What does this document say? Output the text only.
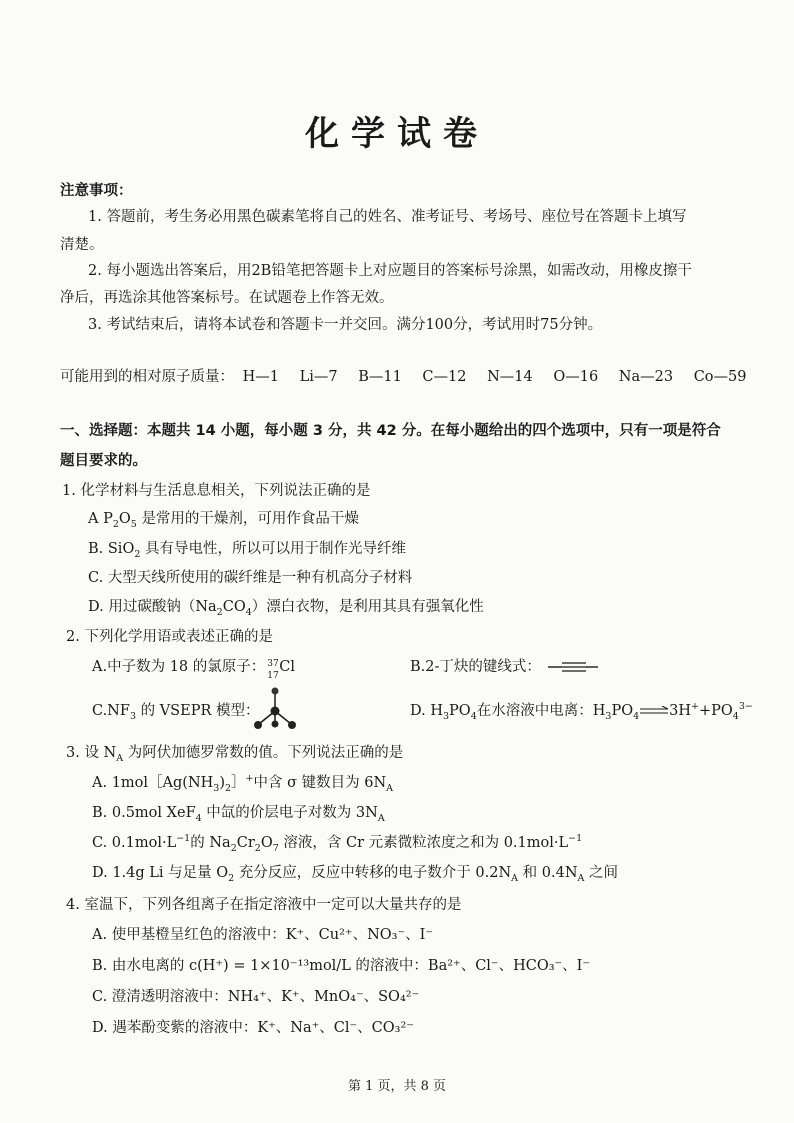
化学试卷
注意事项：
1. 答题前，考生务必用黑色碳素笔将自己的姓名、准考证号、考场号、座位号在答题卡上填写
清楚。
2. 每小题选出答案后，用2B铅笔把答题卡上对应题目的答案标号涂黑，如需改动，用橡皮擦干
净后，再选涂其他答案标号。在试题卷上作答无效。
3. 考试结束后，请将本试卷和答题卡一并交回。满分100分，考试用时75分钟。
可能用到的相对原子质量： H—1 Li—7 B—11 C—12 N—14 O—16 Na—23 Co—59
一、选择题：本题共 14 小题，每小题 3 分，共 42 分。在每小题给出的四个选项中，只有一项是符合
题目要求的。
1. 化学材料与生活息息相关，下列说法正确的是
A $P_2O_5$ 是常用的干燥剂，可用作食品干燥
B. SiO$_2$ 具有导电性，所以可以用于制作光导纤维
C. 大型天线所使用的碳纤维是一种有机高分子材料
D. 用过碳酸钠$(Na_2CO_4)$漂白衣物，是利用其具有强氧化性
2. 下列化学用语或表述正确的是
A.中子数为 18 的氯原子： 37
17
Cl	B.2-丁炔的键线式：
$C.NF_3$ 的 VSEPR 模型：	D. $H_3PO_4$在水溶液中电离：$H_3PO_4$ $3H^++PO_4^{3-}$
3. 设 $N_A$ 为阿伏加德罗常数的值。下列说法正确的是
A. $1mol[Ag(NH_3)_2]^+$中含 σ 键数目为 $6N_A$
B. 0.5mol XeF$_4$ 中氙的价层电子对数为 $3N_A$
C. $0.1mol\cdot L^{-1}$的 $Na_2Cr_2O_7$ 溶液，含 Cr 元素微粒浓度之和为 $0.1mol\cdot L^{-1}$
D. 1.4g Li 与足量 $O_2$ 充分反应，反应中转移的电子数介于 $0.2N_A$ 和 $0.4N_A$ 之间
4. 室温下，下列各组离子在指定溶液中一定可以大量共存的是
A. 使甲基橙呈红色的溶液中：K⁺、Cu²⁺、NO₃⁻、I⁻
B. 由水电离的 c(H⁺) = 1×10⁻¹³mol/L 的溶液中：Ba²⁺、Cl⁻、HCO₃⁻、I⁻
C. 澄清透明溶液中：NH₄⁺、K⁺、MnO₄⁻、SO₄²⁻
D. 遇苯酚变紫的溶液中：K⁺、Na⁺、Cl⁻、CO₃²⁻
第 1 页，共 8 页
